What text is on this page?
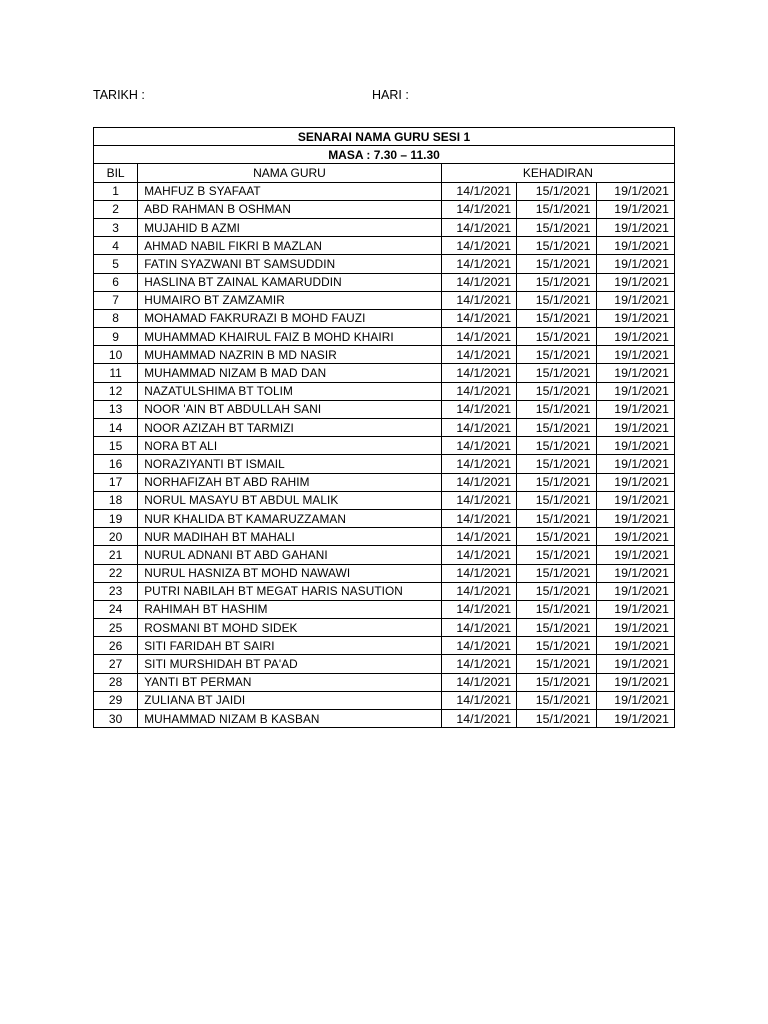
TARIKH :	HARI :
SENARAI NAMA GURU SESI 1				
MASA : 7.30 – 11.30				
BIL	NAMA GURU	KEHADIRAN		
1	MAHFUZ B SYAFAAT	14/1/2021	15/1/2021	19/1/2021
2	ABD RAHMAN B OSHMAN	14/1/2021	15/1/2021	19/1/2021
3	MUJAHID B AZMI	14/1/2021	15/1/2021	19/1/2021
4	AHMAD NABIL FIKRI B MAZLAN	14/1/2021	15/1/2021	19/1/2021
5	FATIN SYAZWANI BT SAMSUDDIN	14/1/2021	15/1/2021	19/1/2021
6	HASLINA BT ZAINAL KAMARUDDIN	14/1/2021	15/1/2021	19/1/2021
7	HUMAIRO BT ZAMZAMIR	14/1/2021	15/1/2021	19/1/2021
8	MOHAMAD FAKRURAZI B MOHD FAUZI	14/1/2021	15/1/2021	19/1/2021
9	MUHAMMAD KHAIRUL FAIZ B MOHD KHAIRI	14/1/2021	15/1/2021	19/1/2021
10	MUHAMMAD NAZRIN B MD NASIR	14/1/2021	15/1/2021	19/1/2021
11	MUHAMMAD NIZAM B MAD DAN	14/1/2021	15/1/2021	19/1/2021
12	NAZATULSHIMA BT TOLIM	14/1/2021	15/1/2021	19/1/2021
13	NOOR 'AIN BT ABDULLAH SANI	14/1/2021	15/1/2021	19/1/2021
14	NOOR AZIZAH BT TARMIZI	14/1/2021	15/1/2021	19/1/2021
15	NORA BT ALI	14/1/2021	15/1/2021	19/1/2021
16	NORAZIYANTI BT ISMAIL	14/1/2021	15/1/2021	19/1/2021
17	NORHAFIZAH BT ABD RAHIM	14/1/2021	15/1/2021	19/1/2021
18	NORUL MASAYU BT ABDUL MALIK	14/1/2021	15/1/2021	19/1/2021
19	NUR KHALIDA BT KAMARUZZAMAN	14/1/2021	15/1/2021	19/1/2021
20	NUR MADIHAH BT MAHALI	14/1/2021	15/1/2021	19/1/2021
21	NURUL ADNANI BT ABD GAHANI	14/1/2021	15/1/2021	19/1/2021
22	NURUL HASNIZA BT MOHD NAWAWI	14/1/2021	15/1/2021	19/1/2021
23	PUTRI NABILAH BT MEGAT HARIS NASUTION	14/1/2021	15/1/2021	19/1/2021
24	RAHIMAH BT HASHIM	14/1/2021	15/1/2021	19/1/2021
25	ROSMANI BT MOHD SIDEK	14/1/2021	15/1/2021	19/1/2021
26	SITI FARIDAH BT SAIRI	14/1/2021	15/1/2021	19/1/2021
27	SITI MURSHIDAH BT PA'AD	14/1/2021	15/1/2021	19/1/2021
28	YANTI BT PERMAN	14/1/2021	15/1/2021	19/1/2021
29	ZULIANA BT JAIDI	14/1/2021	15/1/2021	19/1/2021
30	MUHAMMAD NIZAM B KASBAN	14/1/2021	15/1/2021	19/1/2021
